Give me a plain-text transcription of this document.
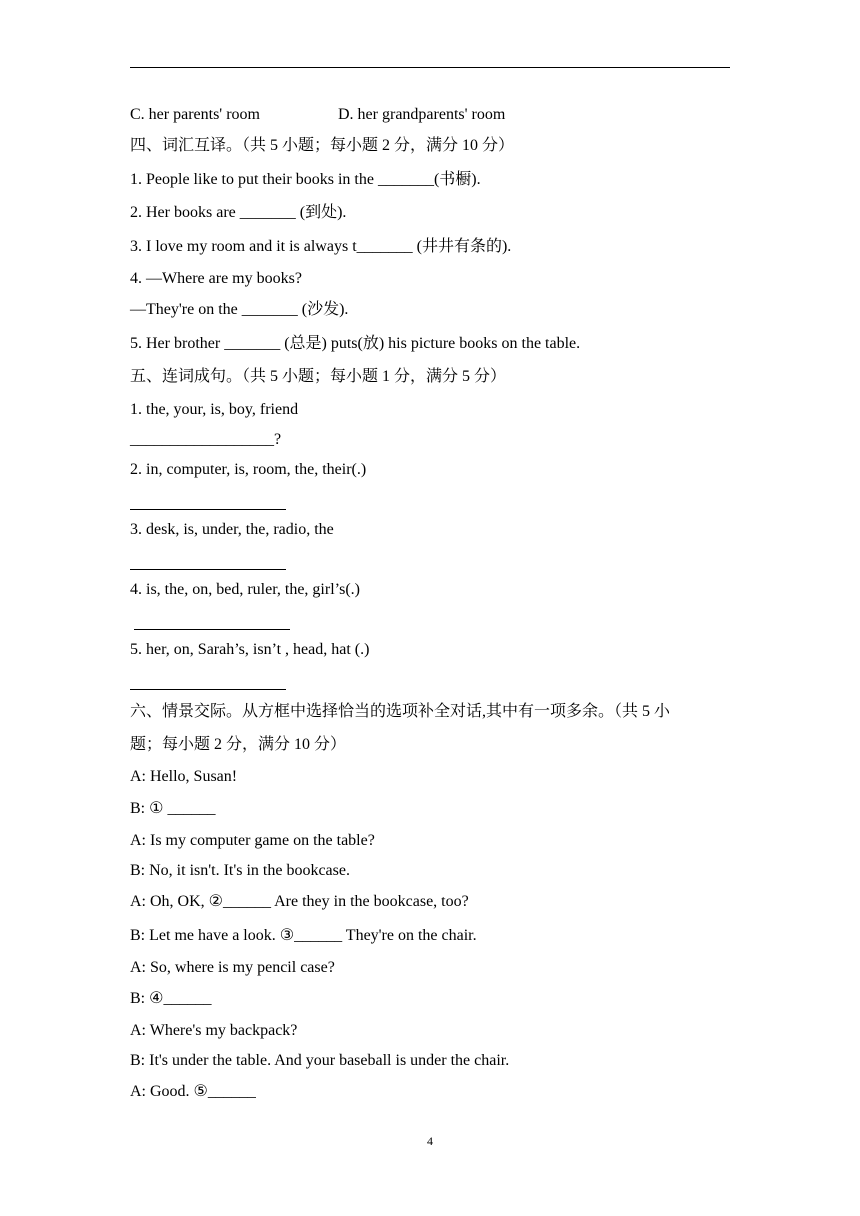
C. her parents' room	D. her grandparents' room
四、词汇互译。（共 5 小题；每小题 2 分，满分 10 分）
1. People like to put their books in the _______(书橱).
2. Her books are _______ (到处).
3. I love my room and it is always t_______ (井井有条的).
4. —Where are my books?
—They're on the _______ (沙发).
5. Her brother _______ (总是) puts(放) his picture books on the table.
五、连词成句。（共 5 小题；每小题 1 分，满分 5 分）
1. the, your, is, boy, friend
__________________?
2. in, computer, is, room, the, their(.)
3. desk, is, under, the, radio, the
4. is, the, on, bed, ruler, the, girl’s(.)
5. her, on, Sarah’s, isn’t , head, hat (.)
六、情景交际。从方框中选择恰当的选项补全对话,其中有一项多余。（共 5 小
题；每小题 2 分，满分 10 分）
A: Hello, Susan!
B: ① ______
A: Is my computer game on the table?
B: No, it isn't. It's in the bookcase.
A: Oh, OK, ②______ Are they in the bookcase, too?
B: Let me have a look. ③______ They're on the chair.
A: So, where is my pencil case?
B: ④______
A: Where's my backpack?
B: It's under the table. And your baseball is under the chair.
A: Good. ⑤______
4
